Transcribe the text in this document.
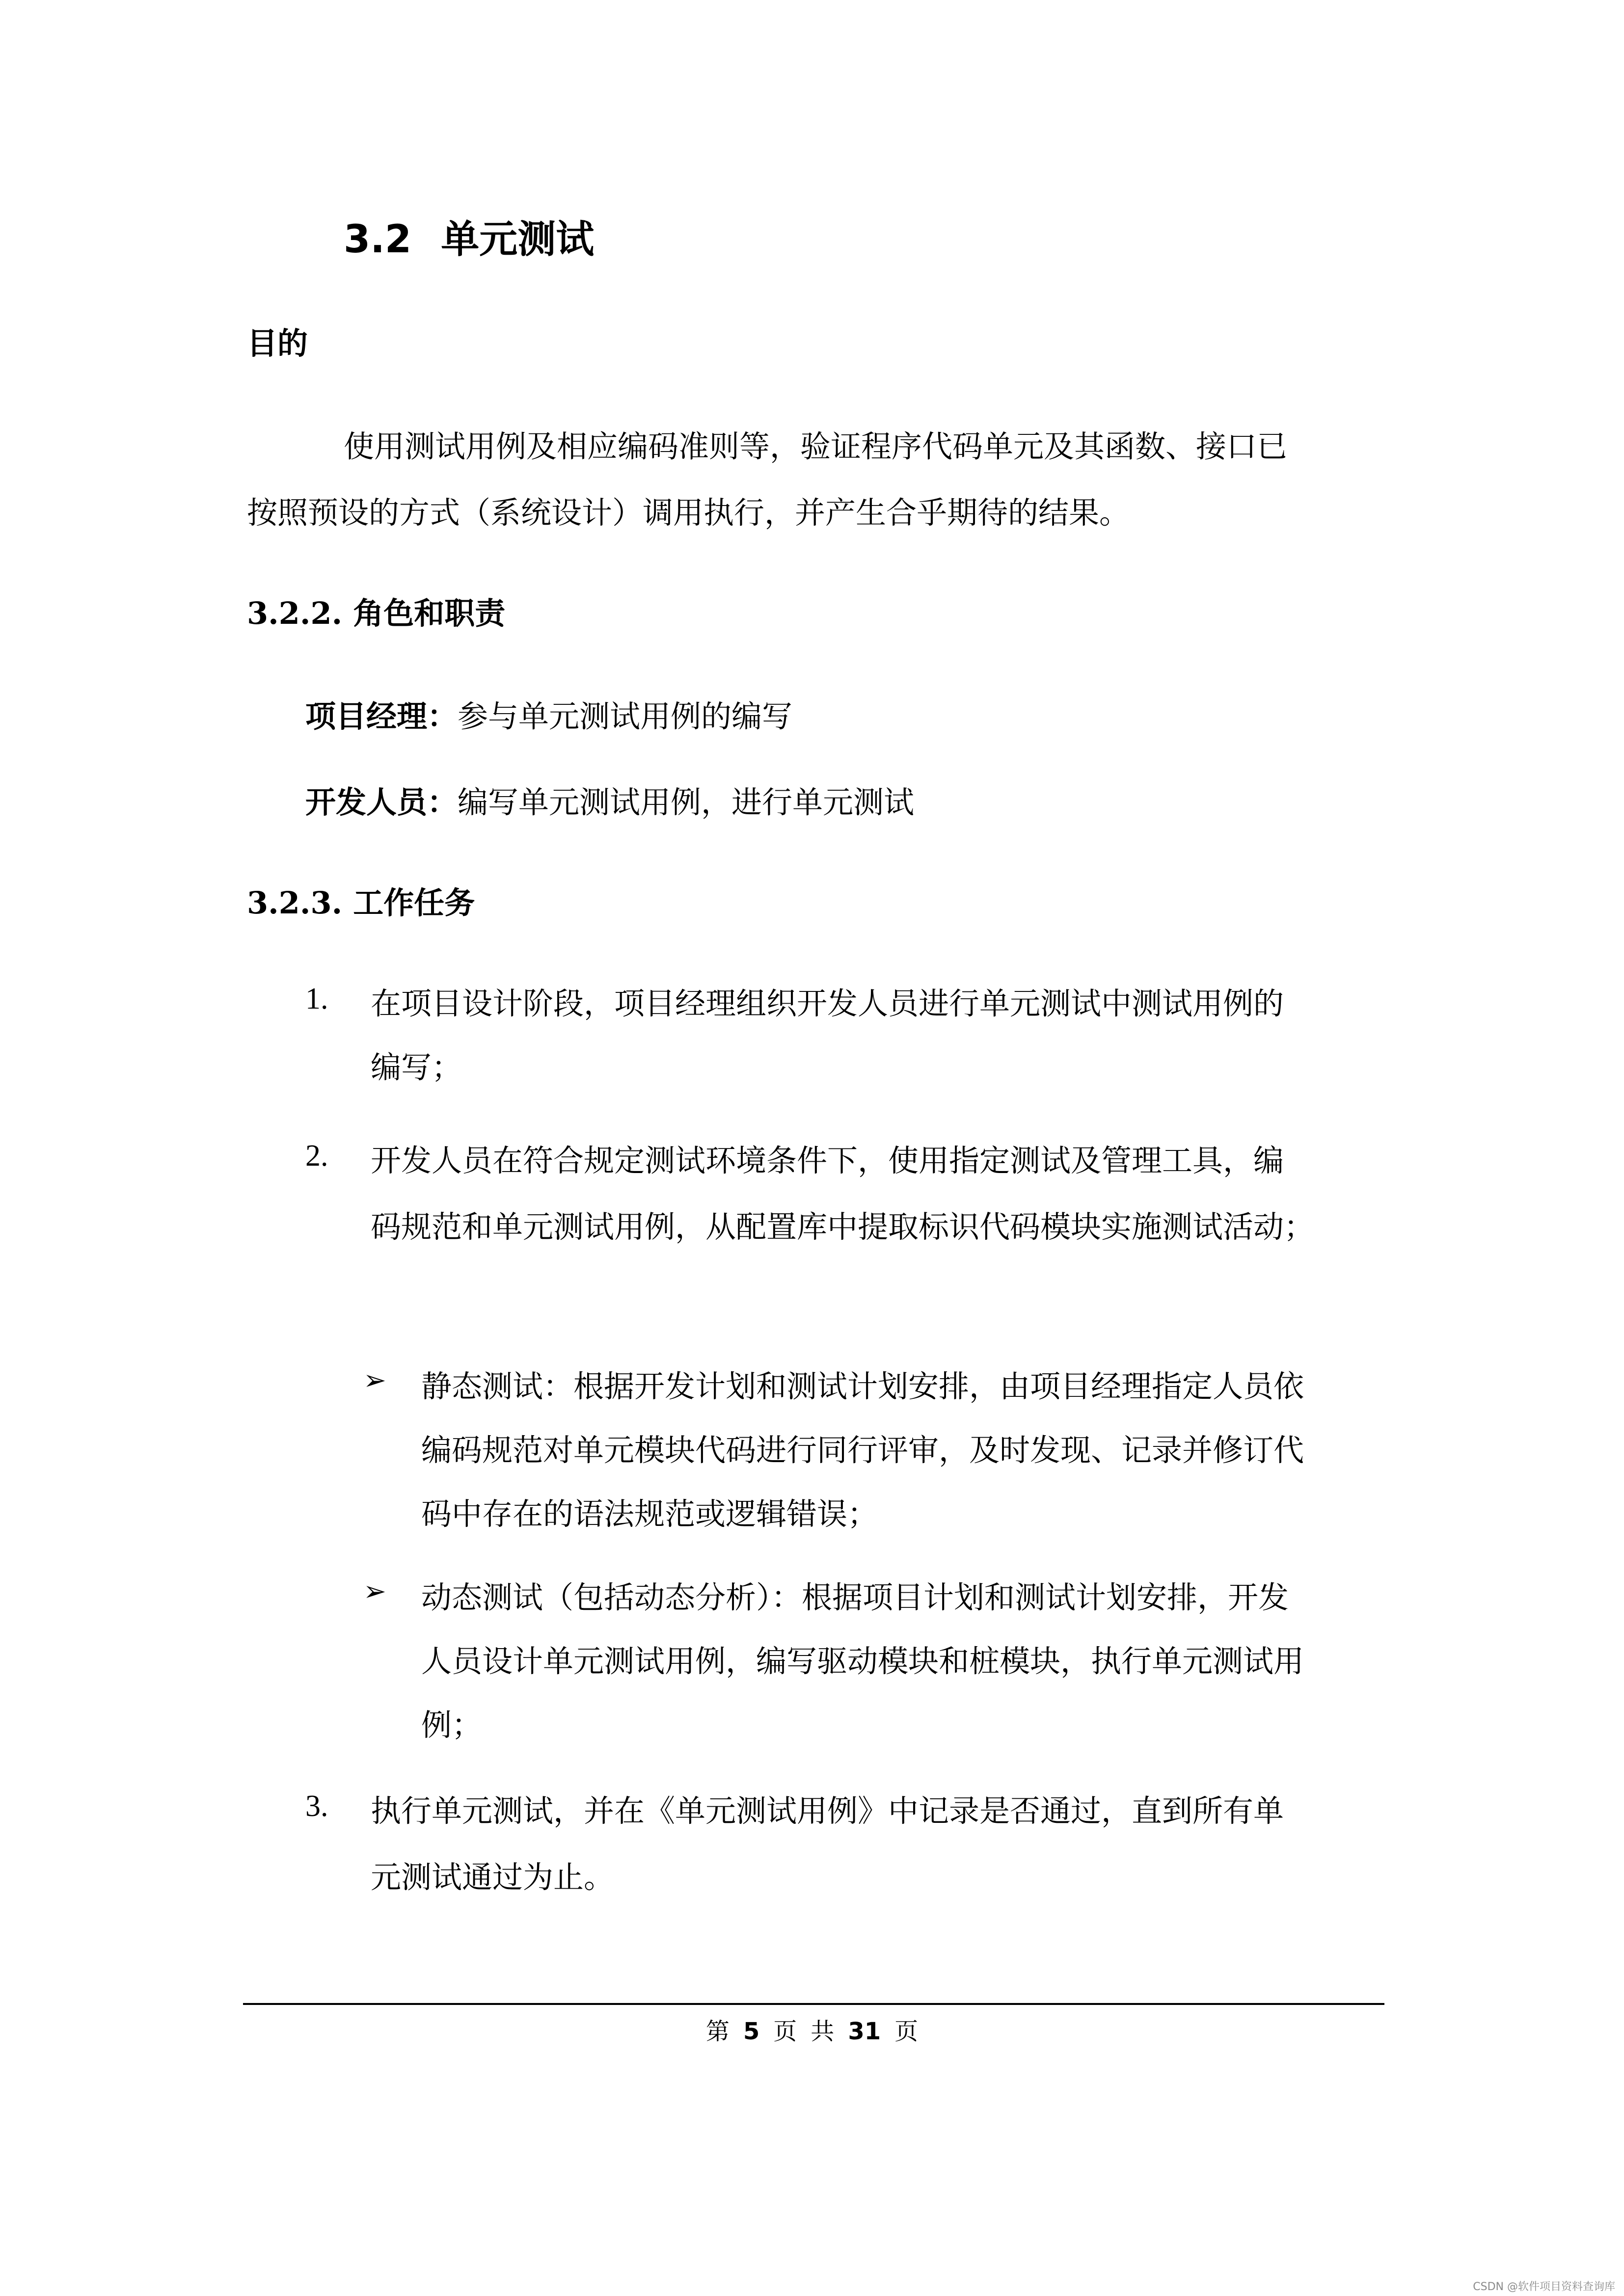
3.2 单元测试
目的
使用测试用例及相应编码准则等，验证程序代码单元及其函数、接口已
按照预设的方式（系统设计）调用执行，并产生合乎期待的结果。
3.2.2. 角色和职责
项目经理：参与单元测试用例的编写
开发人员：编写单元测试用例，进行单元测试
3.2.3. 工作任务
1. 在项目设计阶段，项目经理组织开发人员进行单元测试中测试用例的
编写；
2. 开发人员在符合规定测试环境条件下，使用指定测试及管理工具，编
码规范和单元测试用例，从配置库中提取标识代码模块实施测试活动；
➢ 静态测试：根据开发计划和测试计划安排，由项目经理指定人员依
编码规范对单元模块代码进行同行评审，及时发现、记录并修订代
码中存在的语法规范或逻辑错误；
➢ 动态测试（包括动态分析）：根据项目计划和测试计划安排，开发
人员设计单元测试用例，编写驱动模块和桩模块，执行单元测试用
例；
3. 执行单元测试，并在《单元测试用例》中记录是否通过，直到所有单
元测试通过为止。
第 5 页 共 31 页
CSDN @软件项目资料查询库
